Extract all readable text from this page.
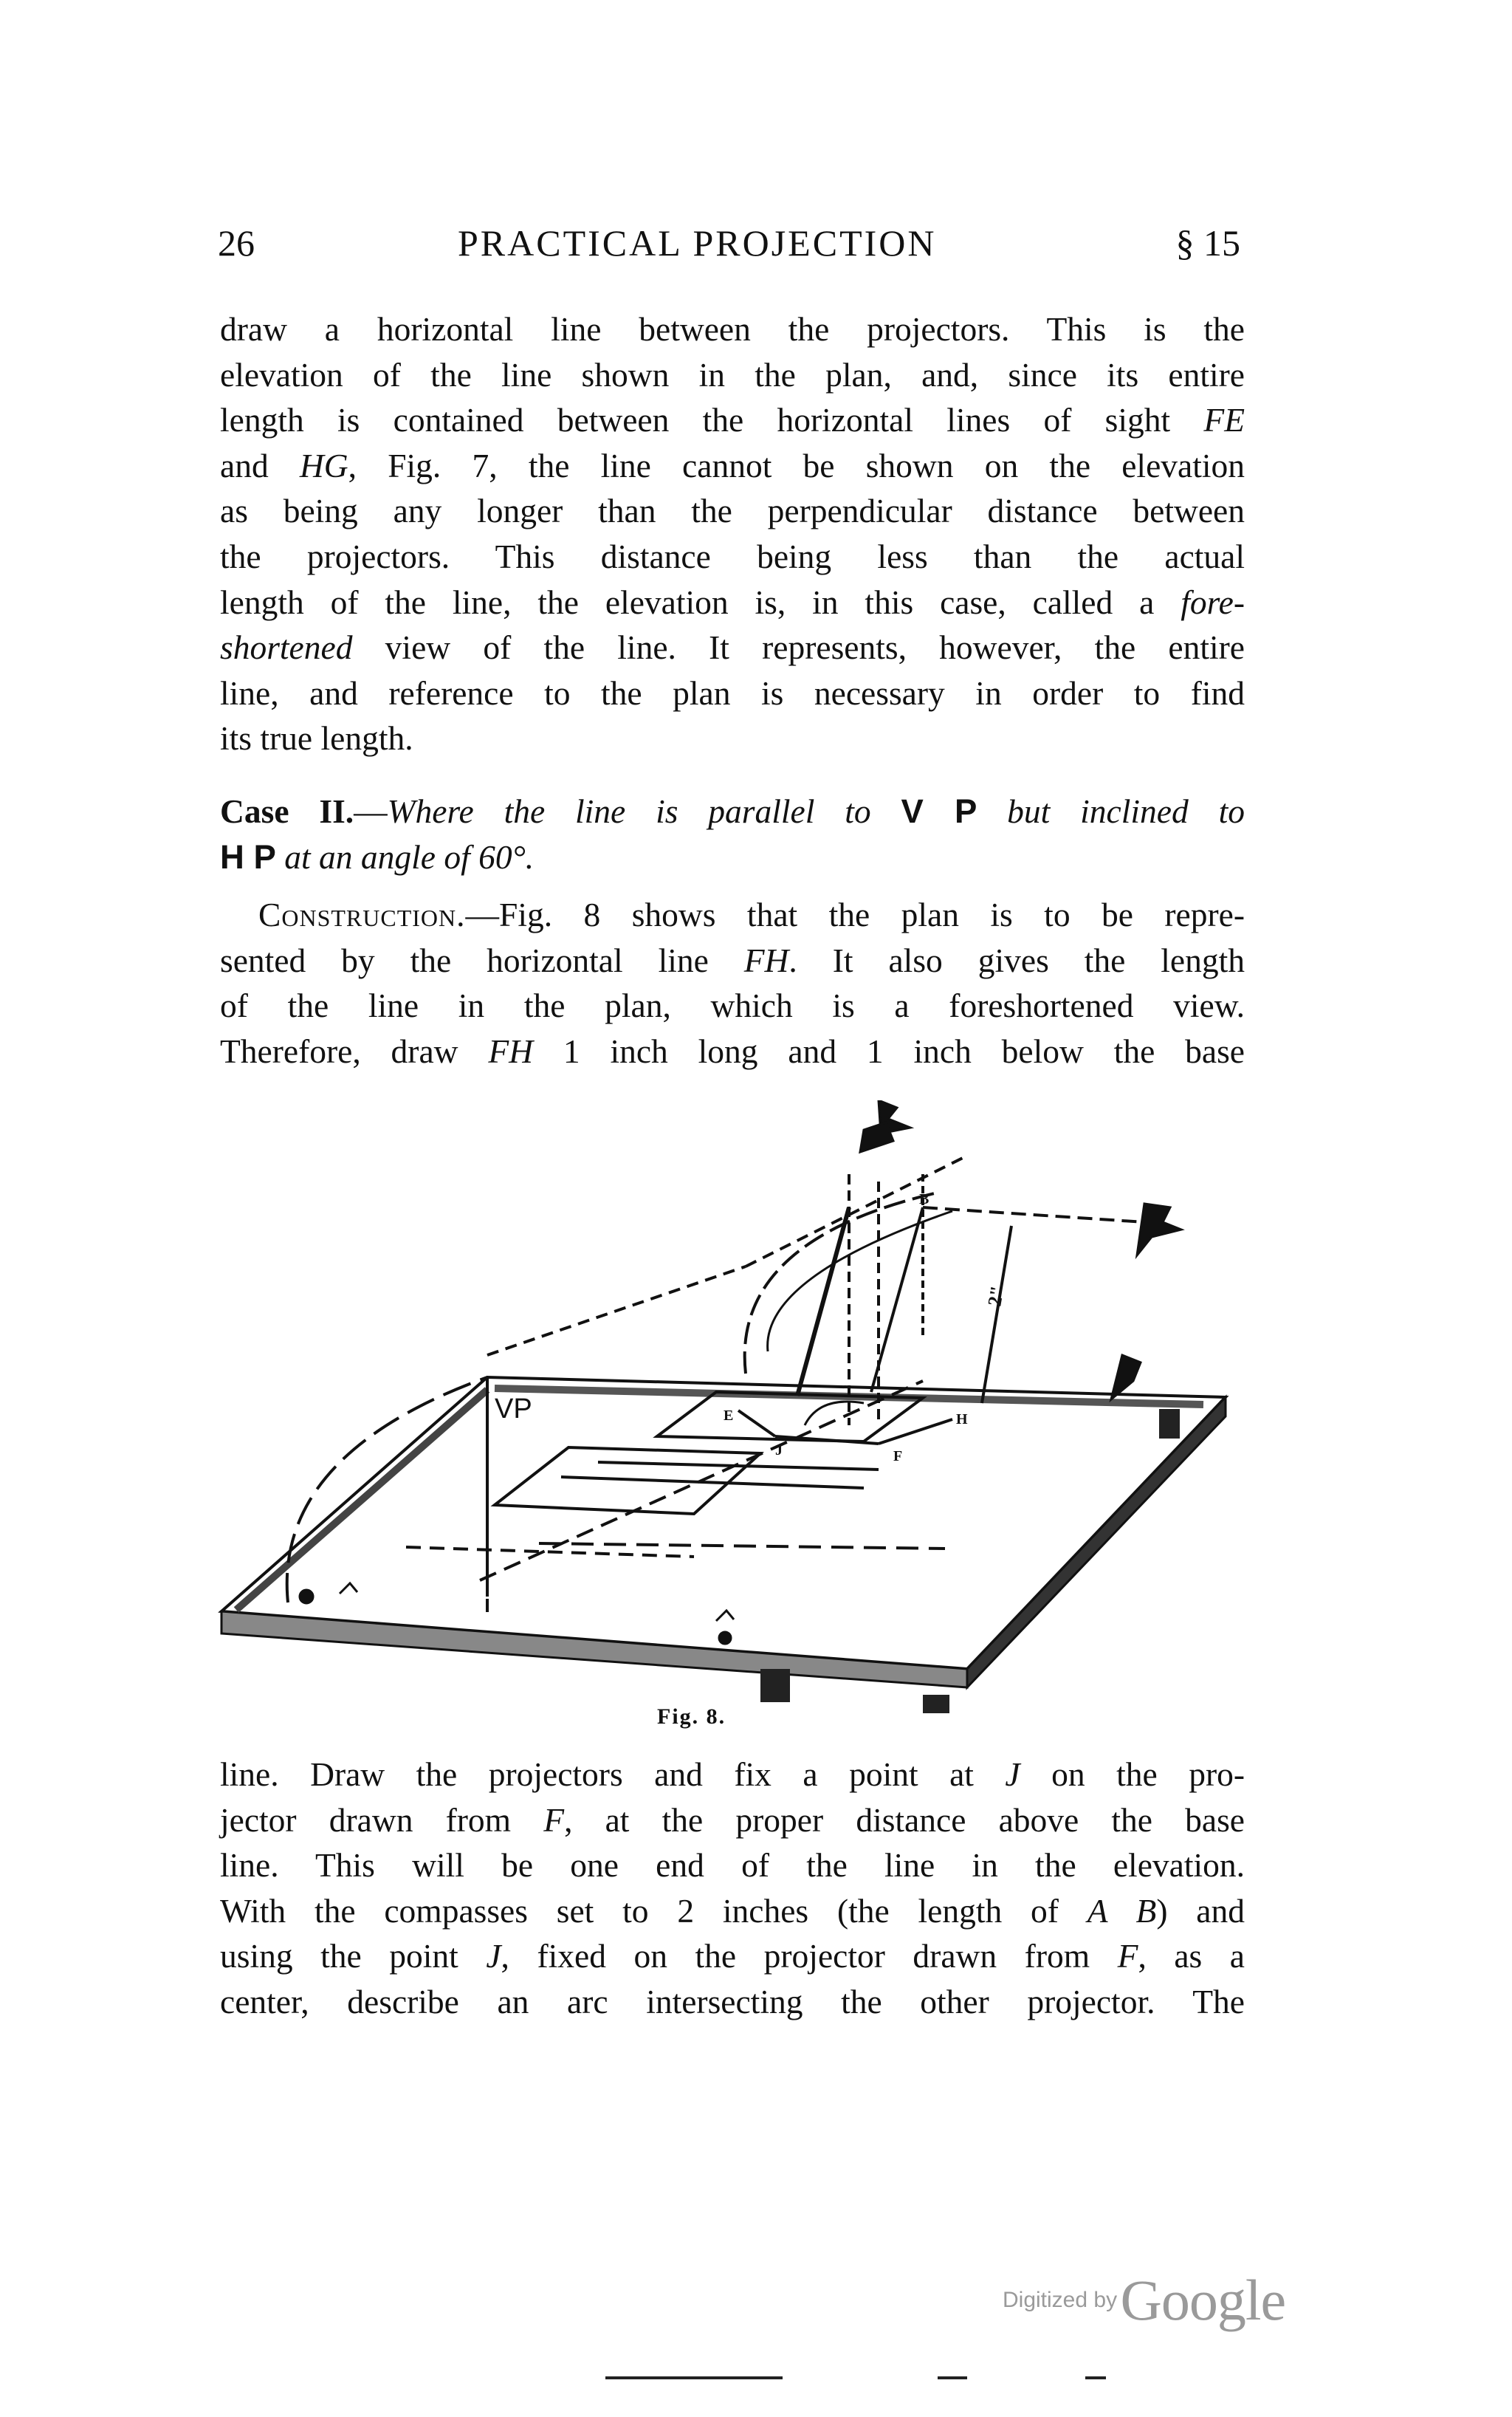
26	PRACTICAL PROJECTION	§ 15
draw a horizontal line between the projectors. This is the
elevation of the line shown in the plan, and, since its entire
length is contained between the horizontal lines of sight FE
and HG, Fig. 7, the line cannot be shown on the elevation
as being any longer than the perpendicular distance between
the projectors. This distance being less than the actual
length of the line, the elevation is, in this case, called a fore-
shortened view of the line. It represents, however, the entire
line, and reference to the plan is necessary in order to find
its true length.
Case II.—Where the line is parallel to V P but inclined to
H P at an angle of 60°.
Construction.—Fig. 8 shows that the plan is to be repre-
sented by the horizontal line FH. It also gives the length
of the line in the plan, which is a foreshortened view.
Therefore, draw FH 1 inch long and 1 inch below the base
VP	E	H
J	F
B
2"
Fig. 8.
line. Draw the projectors and fix a point at J on the pro-
jector drawn from F, at the proper distance above the base
line. This will be one end of the line in the elevation.
With the compasses set to 2 inches (the length of A B) and
using the point J, fixed on the projector drawn from F, as a
center, describe an arc intersecting the other projector. The
Digitized by Google
